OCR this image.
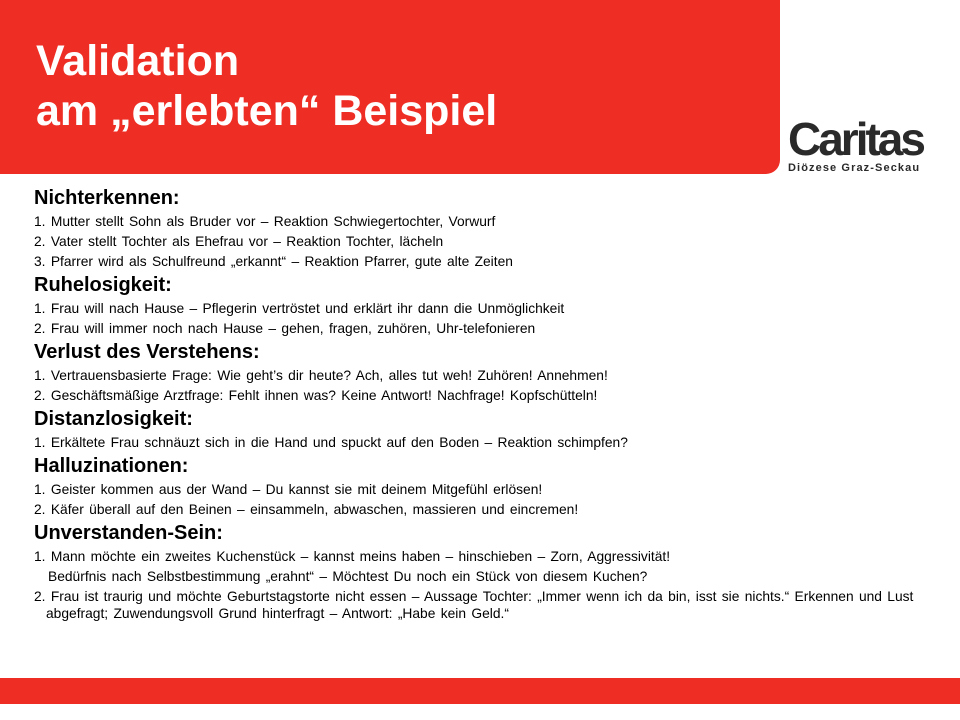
Validation
am „erlebten“ Beispiel
Caritas
Diözese Graz-Seckau

Nichterkennen:

1. Mutter stellt Sohn als Bruder vor – Reaktion Schwiegertochter, Vorwurf

2. Vater stellt Tochter als Ehefrau vor – Reaktion Tochter, lächeln

3. Pfarrer wird als Schulfreund „erkannt“ – Reaktion Pfarrer, gute alte Zeiten

Ruhelosigkeit:

1. Frau will nach Hause – Pflegerin vertröstet und erklärt ihr dann die Unmöglichkeit

2. Frau will immer noch nach Hause – gehen, fragen, zuhören, Uhr-telefonieren

Verlust des Verstehens:

1. Vertrauensbasierte Frage: Wie geht’s dir heute? Ach, alles tut weh! Zuhören! Annehmen!

2. Geschäftsmäßige Arztfrage: Fehlt ihnen was? Keine Antwort! Nachfrage! Kopfschütteln!

Distanzlosigkeit:

1. Erkältete Frau schnäuzt sich in die Hand und spuckt auf den Boden – Reaktion schimpfen?

Halluzinationen:

1. Geister kommen aus der Wand – Du kannst sie mit deinem Mitgefühl erlösen!

2. Käfer überall auf den Beinen – einsammeln, abwaschen, massieren und eincremen!

Unverstanden-Sein:

1. Mann möchte ein zweites Kuchenstück – kannst meins haben – hinschieben – Zorn, Aggressivität!

Bedürfnis nach Selbstbestimmung „erahnt“ – Möchtest Du noch ein Stück von diesem Kuchen?

2. Frau ist traurig und möchte Geburtstagstorte nicht essen – Aussage Tochter: „Immer wenn ich da bin, isst sie nichts.“ Erkennen und Lust abgefragt; Zuwendungsvoll Grund hinterfragt – Antwort: „Habe kein Geld.“
